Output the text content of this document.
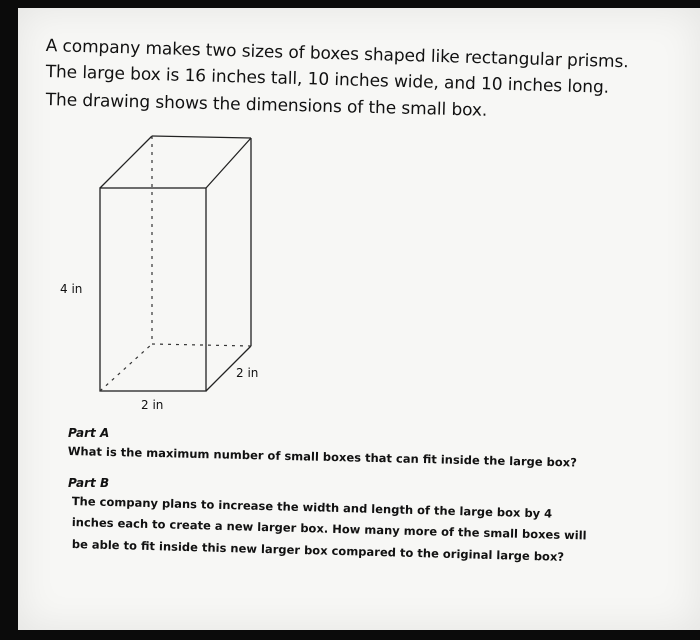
A company makes two sizes of boxes shaped like rectangular prisms.
The large box is 16 inches tall, 10 inches wide, and 10 inches long.
The drawing shows the dimensions of the small box.
4 in
2 in
2 in
Part A
What is the maximum number of small boxes that can fit inside the large box?
Part B
The company plans to increase the width and length of the large box by 4
inches each to create a new larger box. How many more of the small boxes will
be able to fit inside this new larger box compared to the original large box?
